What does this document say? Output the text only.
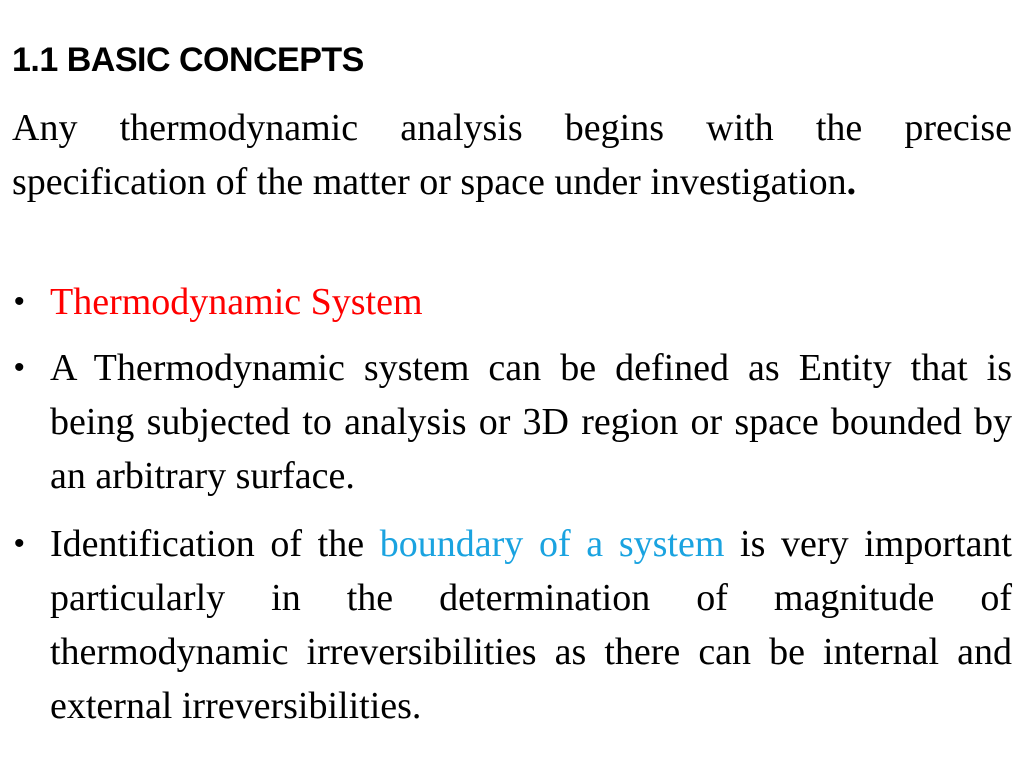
1.1 BASIC CONCEPTS
Any thermodynamic analysis begins with the precise specification of the matter or space under investigation.
• Thermodynamic System
• A Thermodynamic system can be defined as Entity that is being subjected to analysis or 3D region or space bounded by an arbitrary surface.
• Identification of the boundary of a system is very important particularly in the determination of magnitude of thermodynamic irreversibilities as there can be internal and external irreversibilities.
